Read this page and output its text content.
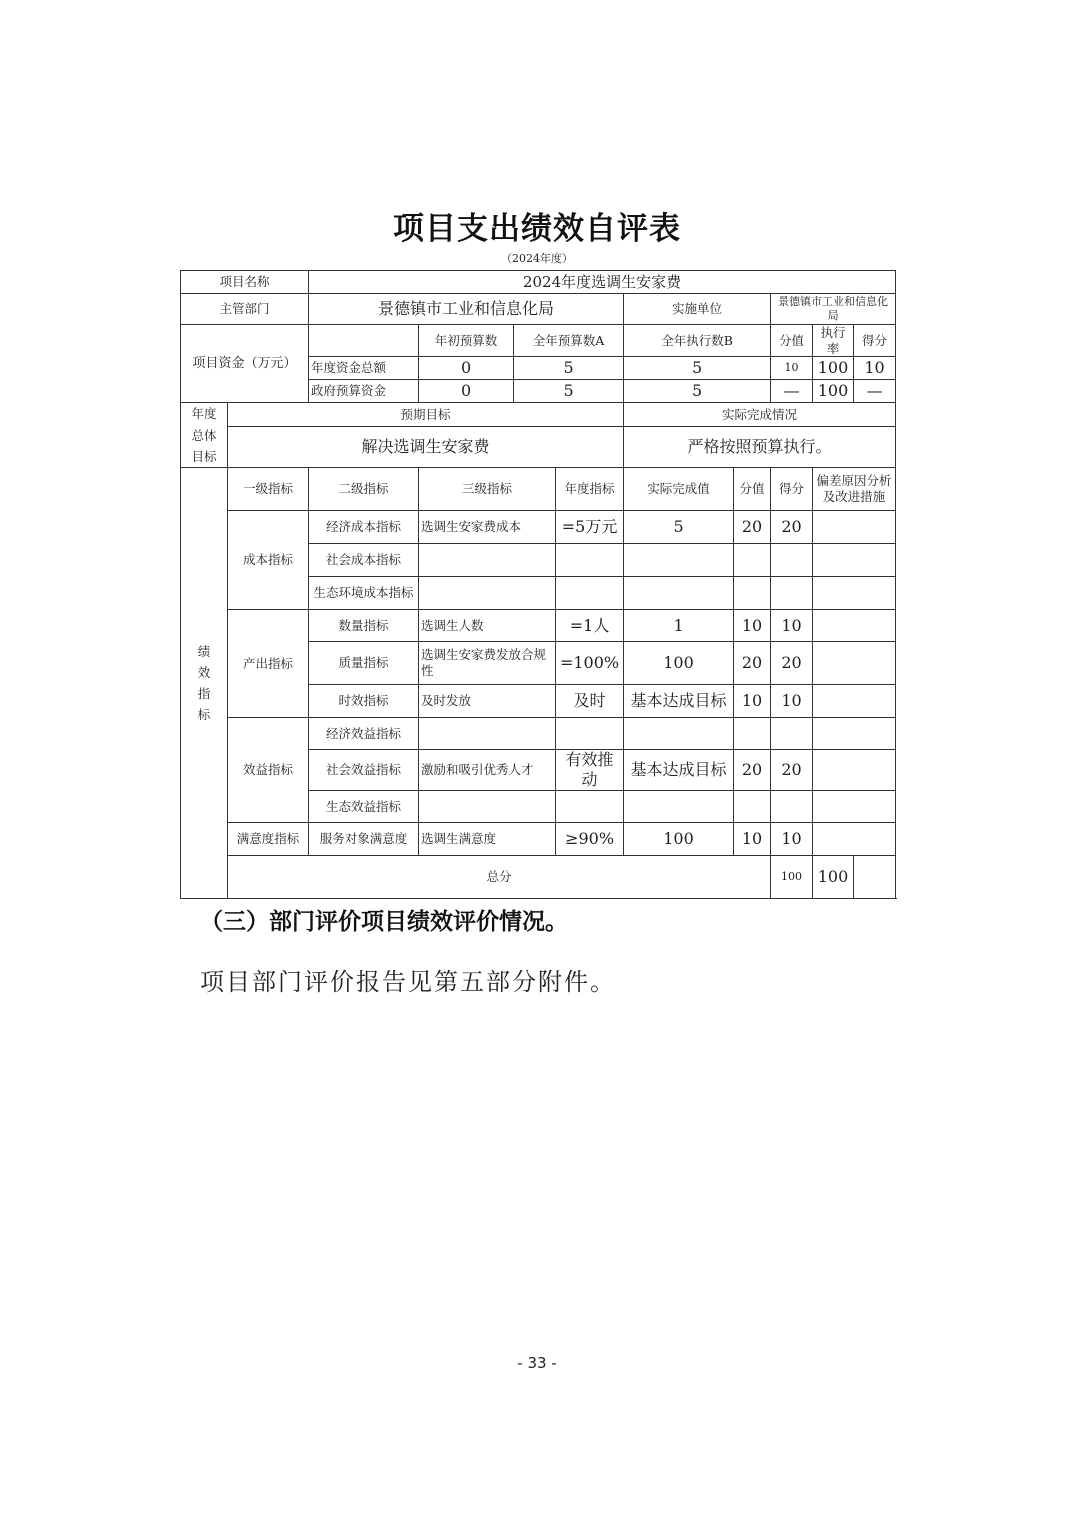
项目支出绩效自评表
（2024年度）
项目名称		2024年度选调生安家费								
主管部门		景德镇市工业和信息化局				实施单位		景德镇市工业和信息化局		
项目资金（万元）			年初预算数	全年预算数A		全年执行数B		分值	执行率	得分
		年度资金总额	0	5		5		10	100	10
		政府预算资金	0	5		5		—	100	—

年度总体目标	预期目标					实际完成情况				
	解决选调生安家费					严格按照预算执行。				

绩效指标	一级指标	二级指标	三级指标		年度指标	实际完成值	分值	得分	偏差原因分析及改进措施	
	成本指标	经济成本指标	选调生安家费成本		=5万元	5	20	20		
		社会成本指标								
		生态环境成本指标								
	产出指标	数量指标	选调生人数		=1人	1	10	10		
		质量指标	选调生安家费发放合规性		=100%	100	20	20		
		时效指标	及时发放		及时	基本达成目标	10	10		
	效益指标	经济效益指标								
		社会效益指标	激励和吸引优秀人才		有效推动	基本达成目标	20	20		
		生态效益指标								
	满意度指标	服务对象满意度	选调生满意度		≥90%	100	10	10		
	总分							100	100	
（三）部门评价项目绩效评价情况。
项目部门评价报告见第五部分附件。
- 33 -
